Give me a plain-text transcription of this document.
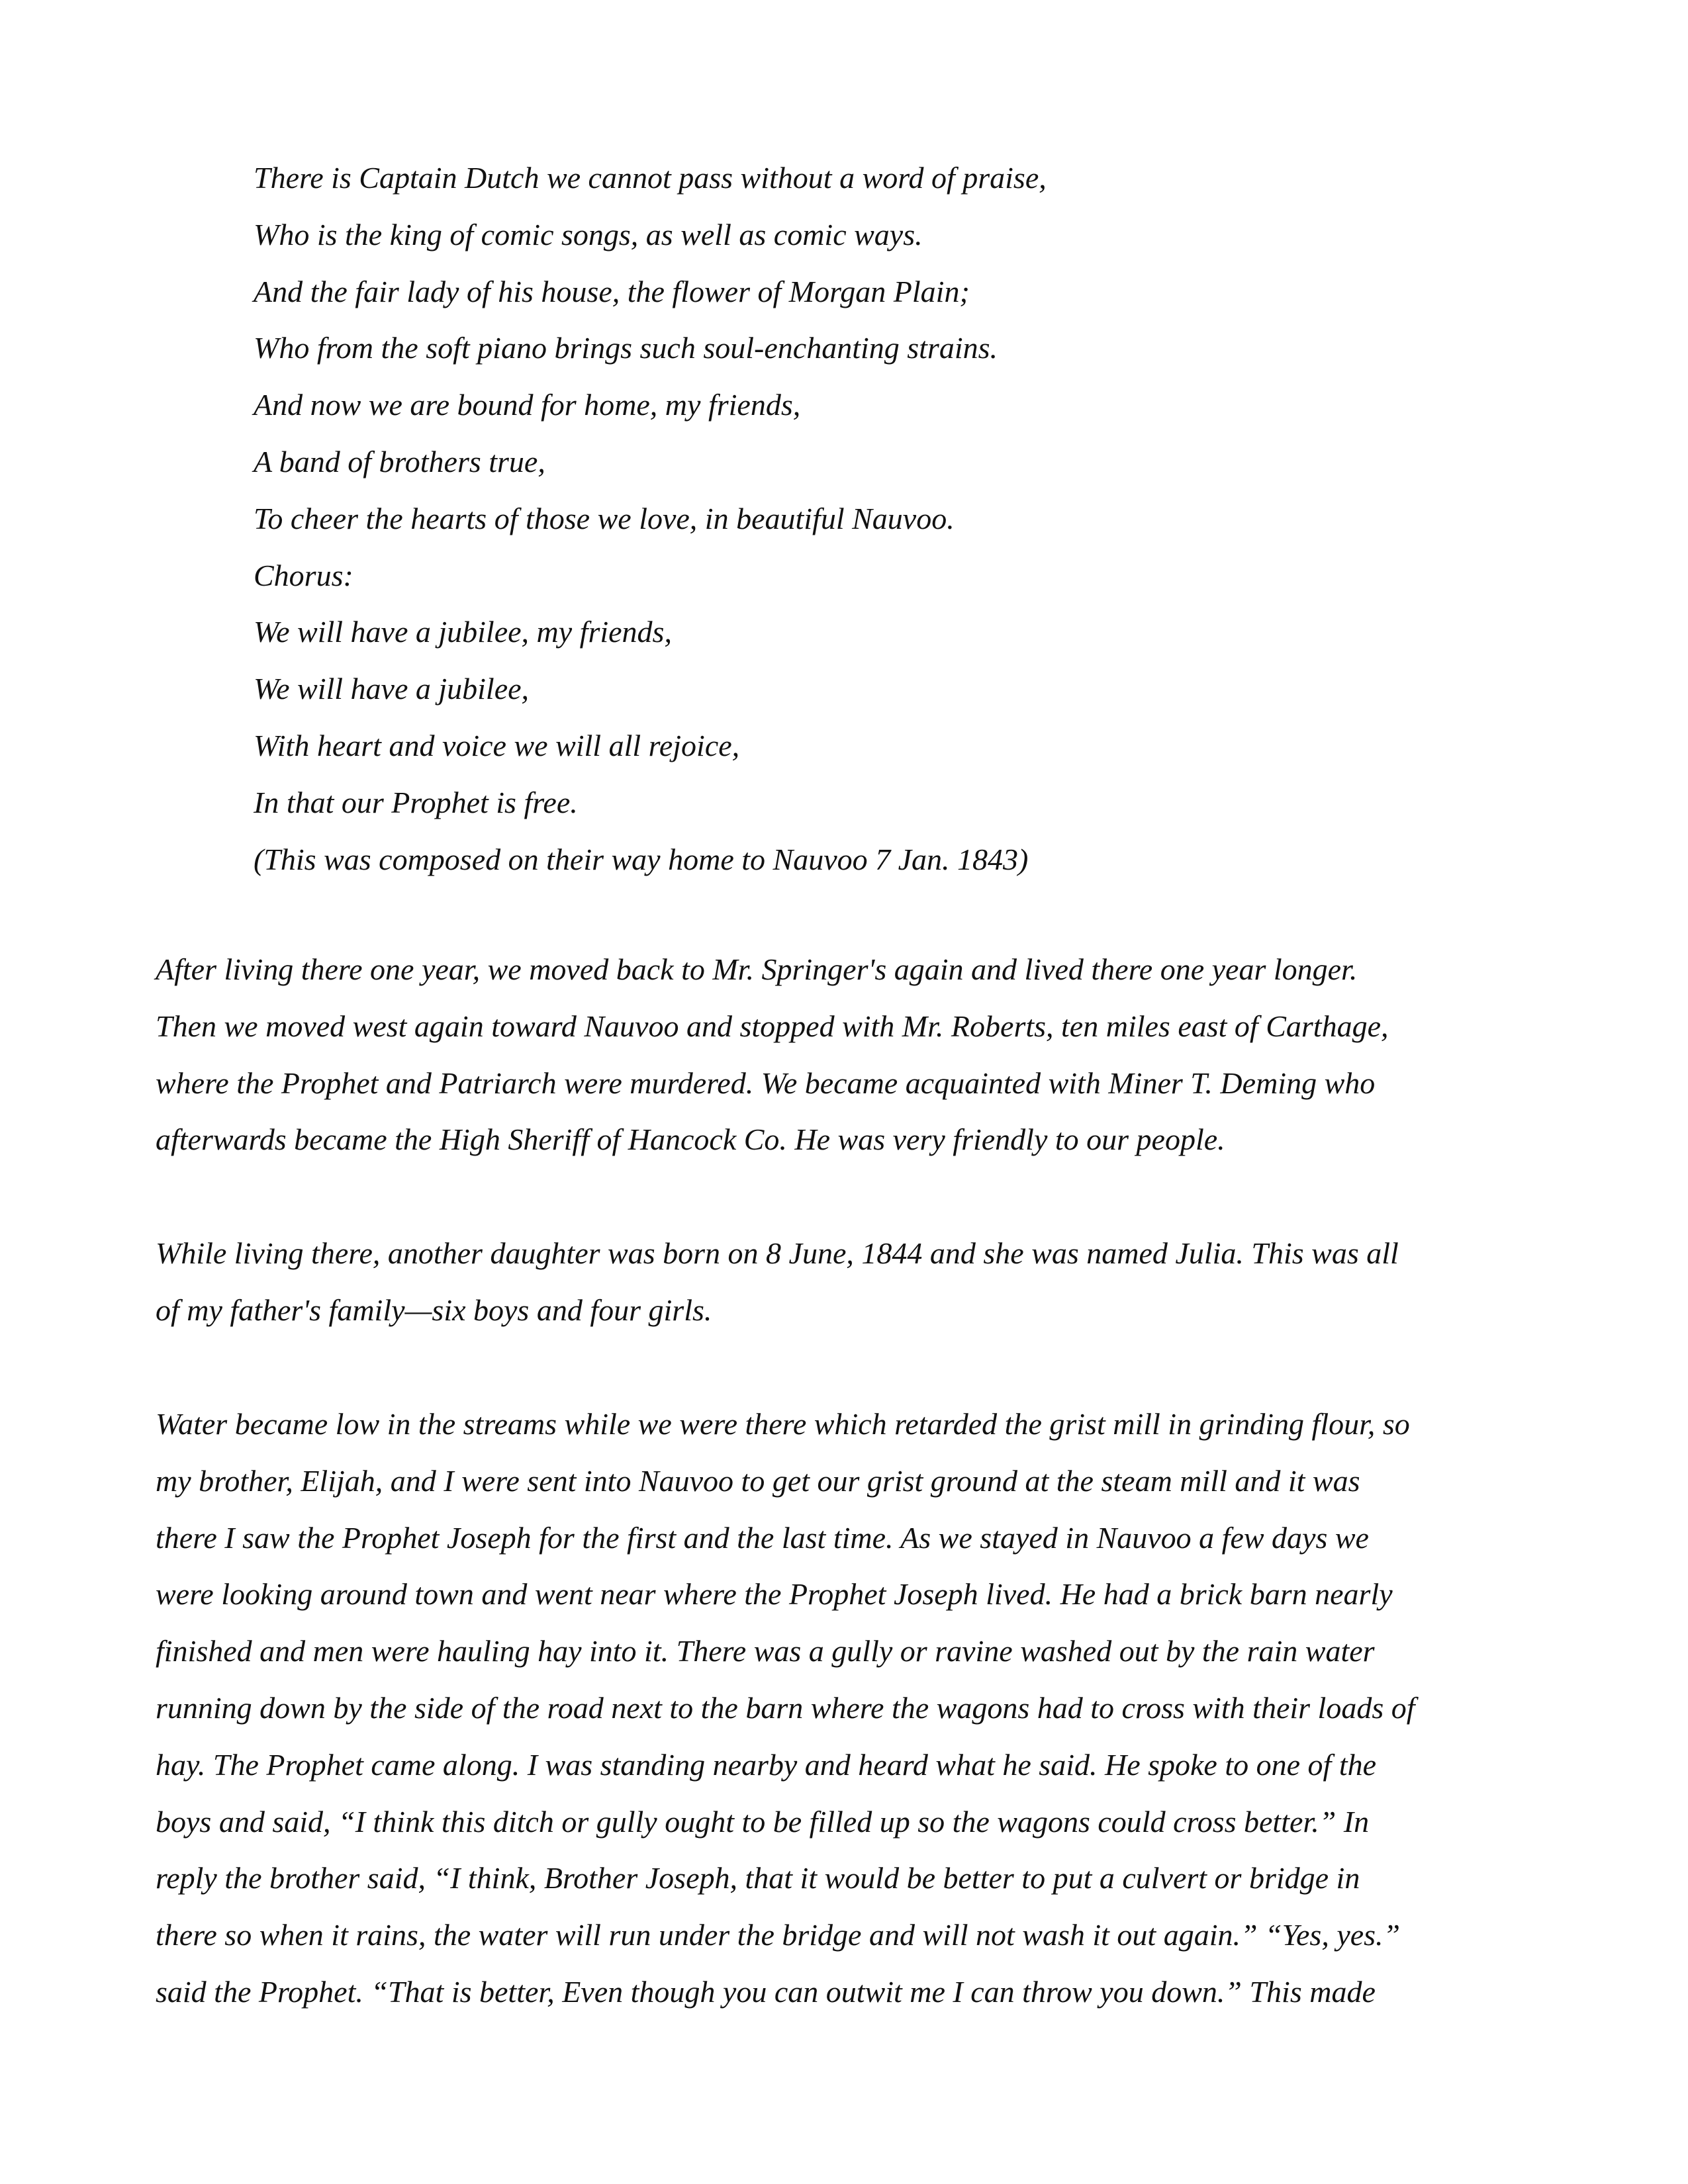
There is Captain Dutch we cannot pass without a word of praise,
Who is the king of comic songs, as well as comic ways.
And the fair lady of his house, the flower of Morgan Plain;
Who from the soft piano brings such soul-enchanting strains.
And now we are bound for home, my friends,
A band of brothers true,
To cheer the hearts of those we love, in beautiful Nauvoo.
Chorus:
We will have a jubilee, my friends,
We will have a jubilee,
With heart and voice we will all rejoice,
In that our Prophet is free.
(This was composed on their way home to Nauvoo 7 Jan. 1843)
After living there one year, we moved back to Mr. Springer's again and lived there one year longer.
Then we moved west again toward Nauvoo and stopped with Mr. Roberts, ten miles east of Carthage,
where the Prophet and Patriarch were murdered. We became acquainted with Miner T. Deming who
afterwards became the High Sheriff of Hancock Co. He was very friendly to our people.
While living there, another daughter was born on 8 June, 1844 and she was named Julia. This was all
of my father's family—six boys and four girls.
Water became low in the streams while we were there which retarded the grist mill in grinding flour, so
my brother, Elijah, and I were sent into Nauvoo to get our grist ground at the steam mill and it was
there I saw the Prophet Joseph for the first and the last time. As we stayed in Nauvoo a few days we
were looking around town and went near where the Prophet Joseph lived. He had a brick barn nearly
finished and men were hauling hay into it. There was a gully or ravine washed out by the rain water
running down by the side of the road next to the barn where the wagons had to cross with their loads of
hay. The Prophet came along. I was standing nearby and heard what he said. He spoke to one of the
boys and said, “I think this ditch or gully ought to be filled up so the wagons could cross better.” In
reply the brother said, “I think, Brother Joseph, that it would be better to put a culvert or bridge in
there so when it rains, the water will run under the bridge and will not wash it out again.” “Yes, yes.”
said the Prophet. “That is better, Even though you can outwit me I can throw you down.” This made
